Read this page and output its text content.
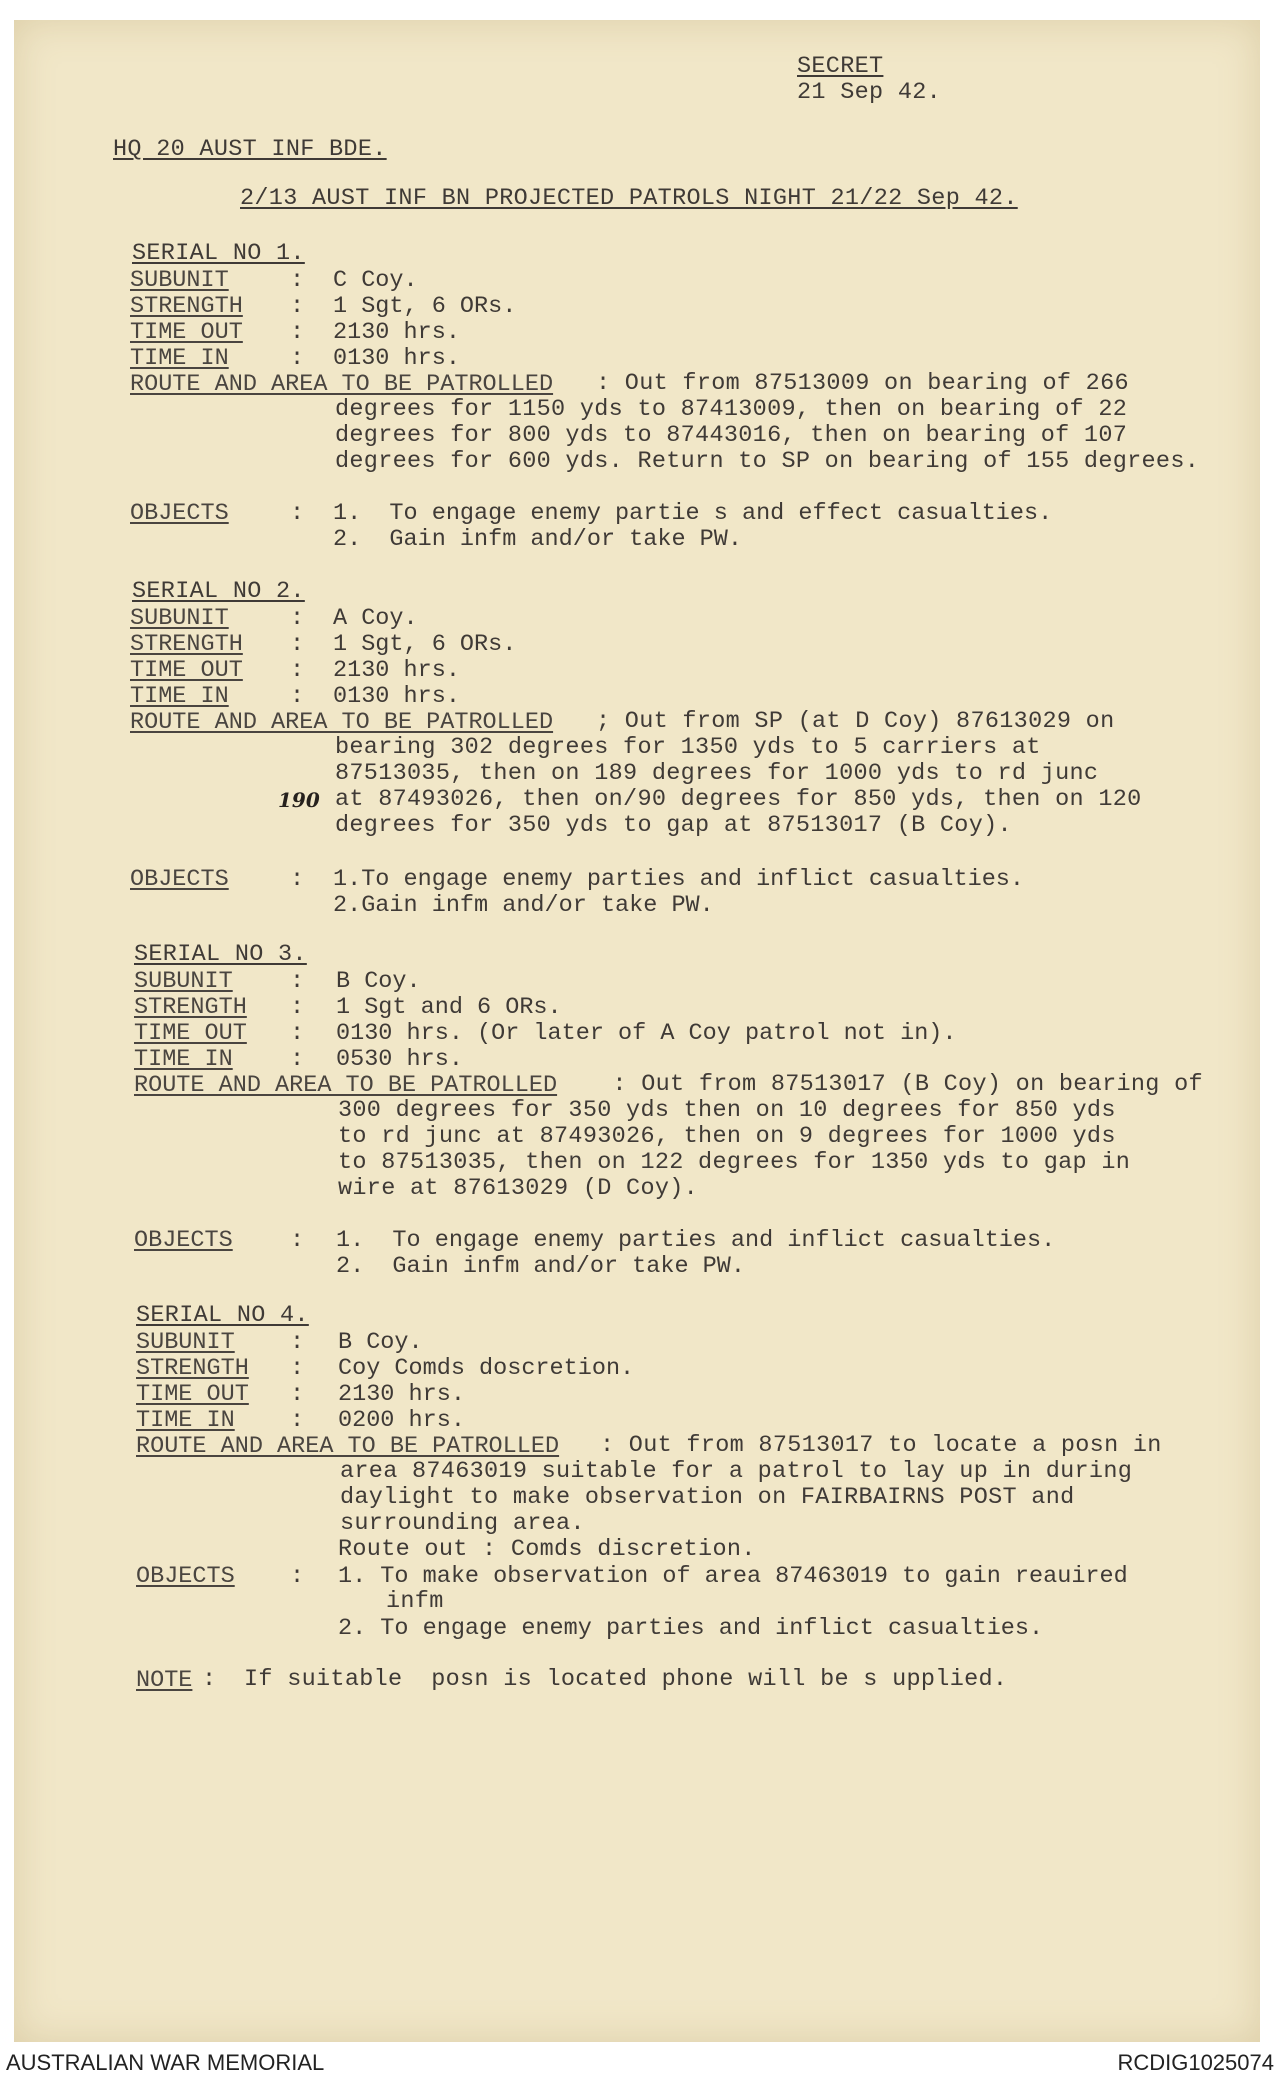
SECRET
21 Sep 42.
HQ 20 AUST INF BDE.
2/13 AUST INF BN PROJECTED PATROLS NIGHT 21/22 Sep 42.
SERIAL NO 1.
SUBUNIT	: C Coy.
STRENGTH : 1 Sgt, 6 ORs.
TIME OUT : 2130 hrs.
TIME IN	: 0130 hrs.
ROUTE AND AREA TO BE PATROLLED : Out from 87513009 on bearing of 266
degrees for 1150 yds to 87413009, then on bearing of 22
degrees for 800 yds to 87443016, then on bearing of 107
degrees for 600 yds. Return to SP on bearing of 155 degrees.
OBJECTS	: 1.  To engage enemy partie s and effect casualties.
2.  Gain infm and/or take PW.
SERIAL NO 2.
SUBUNIT	: A Coy.
STRENGTH : 1 Sgt, 6 ORs.
TIME OUT : 2130 hrs.
TIME IN	: 0130 hrs.
ROUTE AND AREA TO BE PATROLLED ; Out from SP (at D Coy) 87613029 on
bearing 302 degrees for 1350 yds to 5 carriers at
87513035, then on 189 degrees for 1000 yds to rd junc
190 at 87493026, then on/90 degrees for 850 yds, then on 120
degrees for 350 yds to gap at 87513017 (B Coy).
OBJECTS	: 1.To engage enemy parties and inflict casualties.
2.Gain infm and/or take PW.
SERIAL NO 3.
SUBUNIT : B Coy.
STRENGTH : 1 Sgt and 6 ORs.
TIME OUT : 0130 hrs. (Or later of A Coy patrol not in).
TIME IN : 0530 hrs.
ROUTE AND AREA TO BE PATROLLED : Out from 87513017 (B Coy) on bearing of
300 degrees for 350 yds then on 10 degrees for 850 yds
to rd junc at 87493026, then on 9 degrees for 1000 yds
to 87513035, then on 122 degrees for 1350 yds to gap in
wire at 87613029 (D Coy).
OBJECTS : 1.  To engage enemy parties and inflict casualties.
2.  Gain infm and/or take PW.
SERIAL NO 4.
SUBUNIT : B Coy.
STRENGTH : Coy Comds doscretion.
TIME OUT : 2130 hrs.
TIME IN : 0200 hrs.
ROUTE AND AREA TO BE PATROLLED : Out from 87513017 to locate a posn in
area 87463019 suitable for a patrol to lay up in during
daylight to make observation on FAIRBAIRNS POST and
surrounding area.
Route out : Comds discretion.
OBJECTS : 1. To make observation of area 87463019 to gain reauired
infm
2. To engage enemy parties and inflict casualties.
NOTE : If suitable  posn is located phone will be s upplied.
AUSTRALIAN WAR MEMORIAL	RCDIG1025074
